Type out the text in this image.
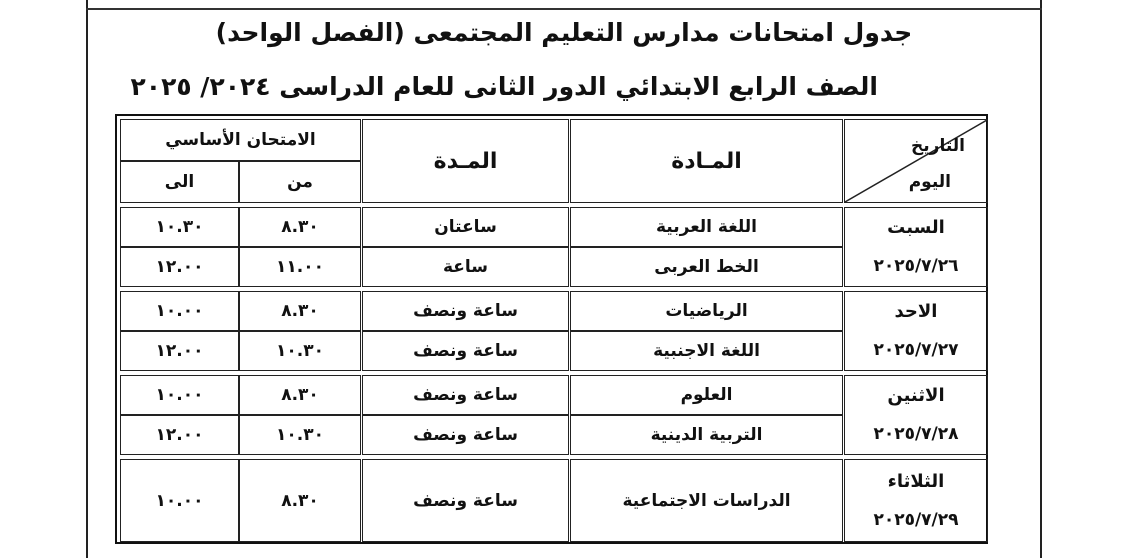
جدول امتحانات مدارس التعليم المجتمعى (الفصل الواحد)
الصف الرابع الابتدائي الدور الثانى للعام الدراسى ٢٠٢٤/ ٢٠٢٥
التاريخ
اليوم
المـادة
المـدة
الامتحان الأساسي
من
الى
السبت
٢٠٢٥/٧/٢٦
اللغة العربية
ساعتان
٨.٣٠
١٠.٣٠
الخط العربى
ساعة
١١.٠٠
١٢.٠٠
الاحد
٢٠٢٥/٧/٢٧
الرياضيات
ساعة ونصف
٨.٣٠
١٠.٠٠
اللغة الاجنبية
ساعة ونصف
١٠.٣٠
١٢.٠٠
الاثنين
٢٠٢٥/٧/٢٨
العلوم
ساعة ونصف
٨.٣٠
١٠.٠٠
التربية الدينية
ساعة ونصف
١٠.٣٠
١٢.٠٠
الثلاثاء
٢٠٢٥/٧/٢٩
الدراسات الاجتماعية
ساعة ونصف
٨.٣٠
١٠.٠٠
